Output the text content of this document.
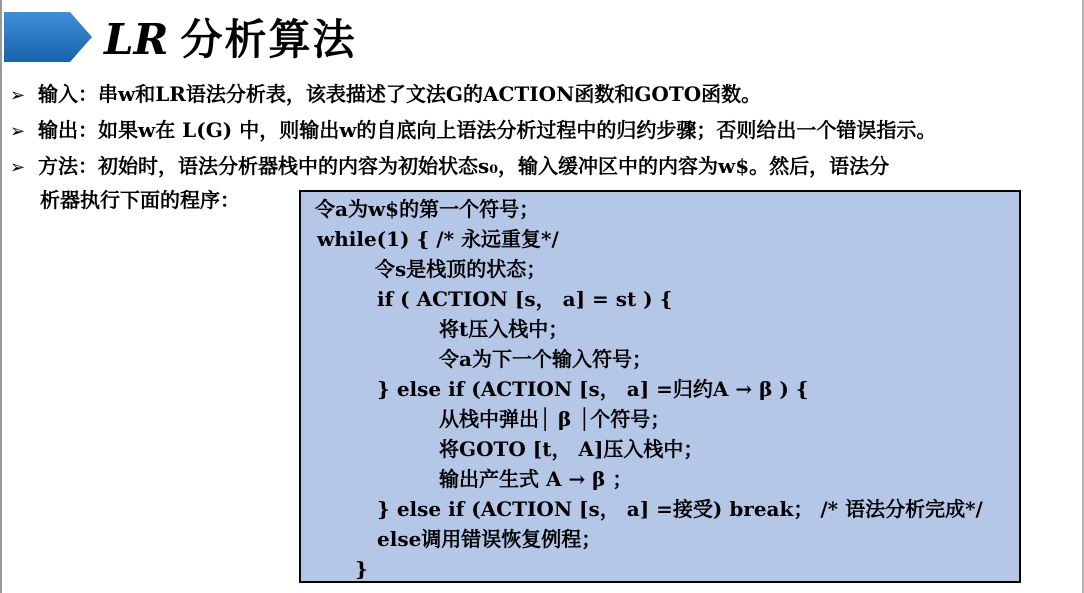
LR 分析算法
➢ 输入：串w和LR语法分析表，该表描述了文法G的ACTION函数和GOTO函数。
➢ 输出：如果w在 L(G) 中，则输出w的自底向上语法分析过程中的归约步骤；否则给出一个错误指示。
➢ 方法：初始时，语法分析器栈中的内容为初始状态s₀，输入缓冲区中的内容为w$。然后，语法分
析器执行下面的程序：	令a为w$的第一个符号；
while(1) { /* 永远重复*/
令s是栈顶的状态；
if ( ACTION [s， a] = st ) {
将t压入栈中；
令a为下一个输入符号；
} else if (ACTION [s， a] =归约A → β ) {
从栈中弹出│ β │个符号；
将GOTO [t， A]压入栈中；
输出产生式 A → β ；
} else if (ACTION [s， a] =接受) break； /* 语法分析完成*/
else调用错误恢复例程；
}
